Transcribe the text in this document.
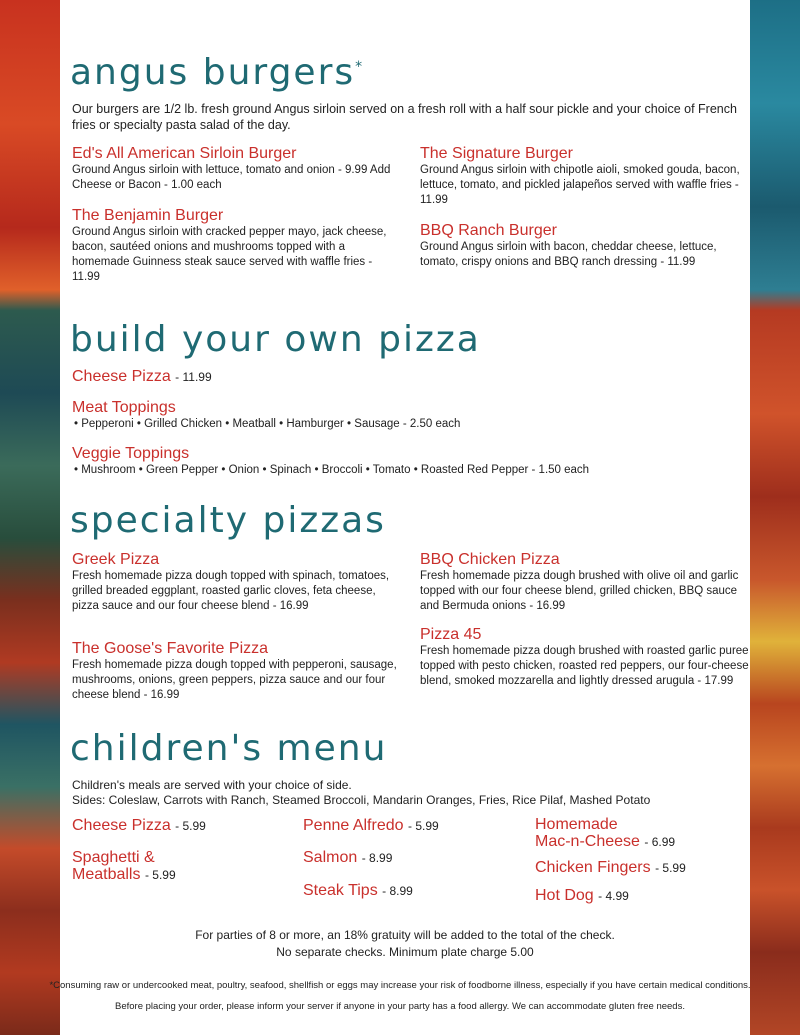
angus burgers*
Our burgers are 1/2 lb. fresh ground Angus sirloin served on a fresh roll with a half sour pickle and your choice of French fries or specialty pasta salad of the day.
Ed's All American Sirloin Burger
Ground Angus sirloin with lettuce, tomato and onion - 9.99 Add Cheese or Bacon - 1.00 each
The Benjamin Burger
Ground Angus sirloin with cracked pepper mayo, jack cheese, bacon, sautéed onions and mushrooms topped with a homemade Guinness steak sauce served with waffle fries - 11.99
The Signature Burger
Ground Angus sirloin with chipotle aioli, smoked gouda, bacon, lettuce, tomato, and pickled jalapeños served with waffle fries - 11.99
BBQ Ranch Burger
Ground Angus sirloin with bacon, cheddar cheese, lettuce, tomato, crispy onions and BBQ ranch dressing - 11.99
build your own pizza
Cheese Pizza - 11.99
Meat Toppings
• Pepperoni • Grilled Chicken • Meatball • Hamburger • Sausage - 2.50 each
Veggie Toppings
• Mushroom • Green Pepper • Onion • Spinach • Broccoli • Tomato • Roasted Red Pepper - 1.50 each
specialty pizzas
Greek Pizza
Fresh homemade pizza dough topped with spinach, tomatoes, grilled breaded eggplant, roasted garlic cloves, feta cheese, pizza sauce and our four cheese blend - 16.99
The Goose's Favorite Pizza
Fresh homemade pizza dough topped with pepperoni, sausage, mushrooms, onions, green peppers, pizza sauce and our four cheese blend - 16.99
BBQ Chicken Pizza
Fresh homemade pizza dough brushed with olive oil and garlic topped with our four cheese blend, grilled chicken, BBQ sauce and Bermuda onions - 16.99
Pizza 45
Fresh homemade pizza dough brushed with roasted garlic puree topped with pesto chicken, roasted red peppers, our four-cheese blend, smoked mozzarella and lightly dressed arugula - 17.99
children's menu
Children's meals are served with your choice of side.
Sides: Coleslaw, Carrots with Ranch, Steamed Broccoli, Mandarin Oranges, Fries, Rice Pilaf, Mashed Potato
Cheese Pizza - 5.99
Spaghetti &
Meatballs - 5.99
Penne Alfredo - 5.99
Salmon - 8.99
Steak Tips - 8.99
Homemade
Mac-n-Cheese - 6.99
Chicken Fingers - 5.99
Hot Dog - 4.99
For parties of 8 or more, an 18% gratuity will be added to the total of the check.
No separate checks. Minimum plate charge 5.00
*Consuming raw or undercooked meat, poultry, seafood, shellfish or eggs may increase your risk of foodborne illness, especially if you have certain medical conditions.
Before placing your order, please inform your server if anyone in your party has a food allergy. We can accommodate gluten free needs.
